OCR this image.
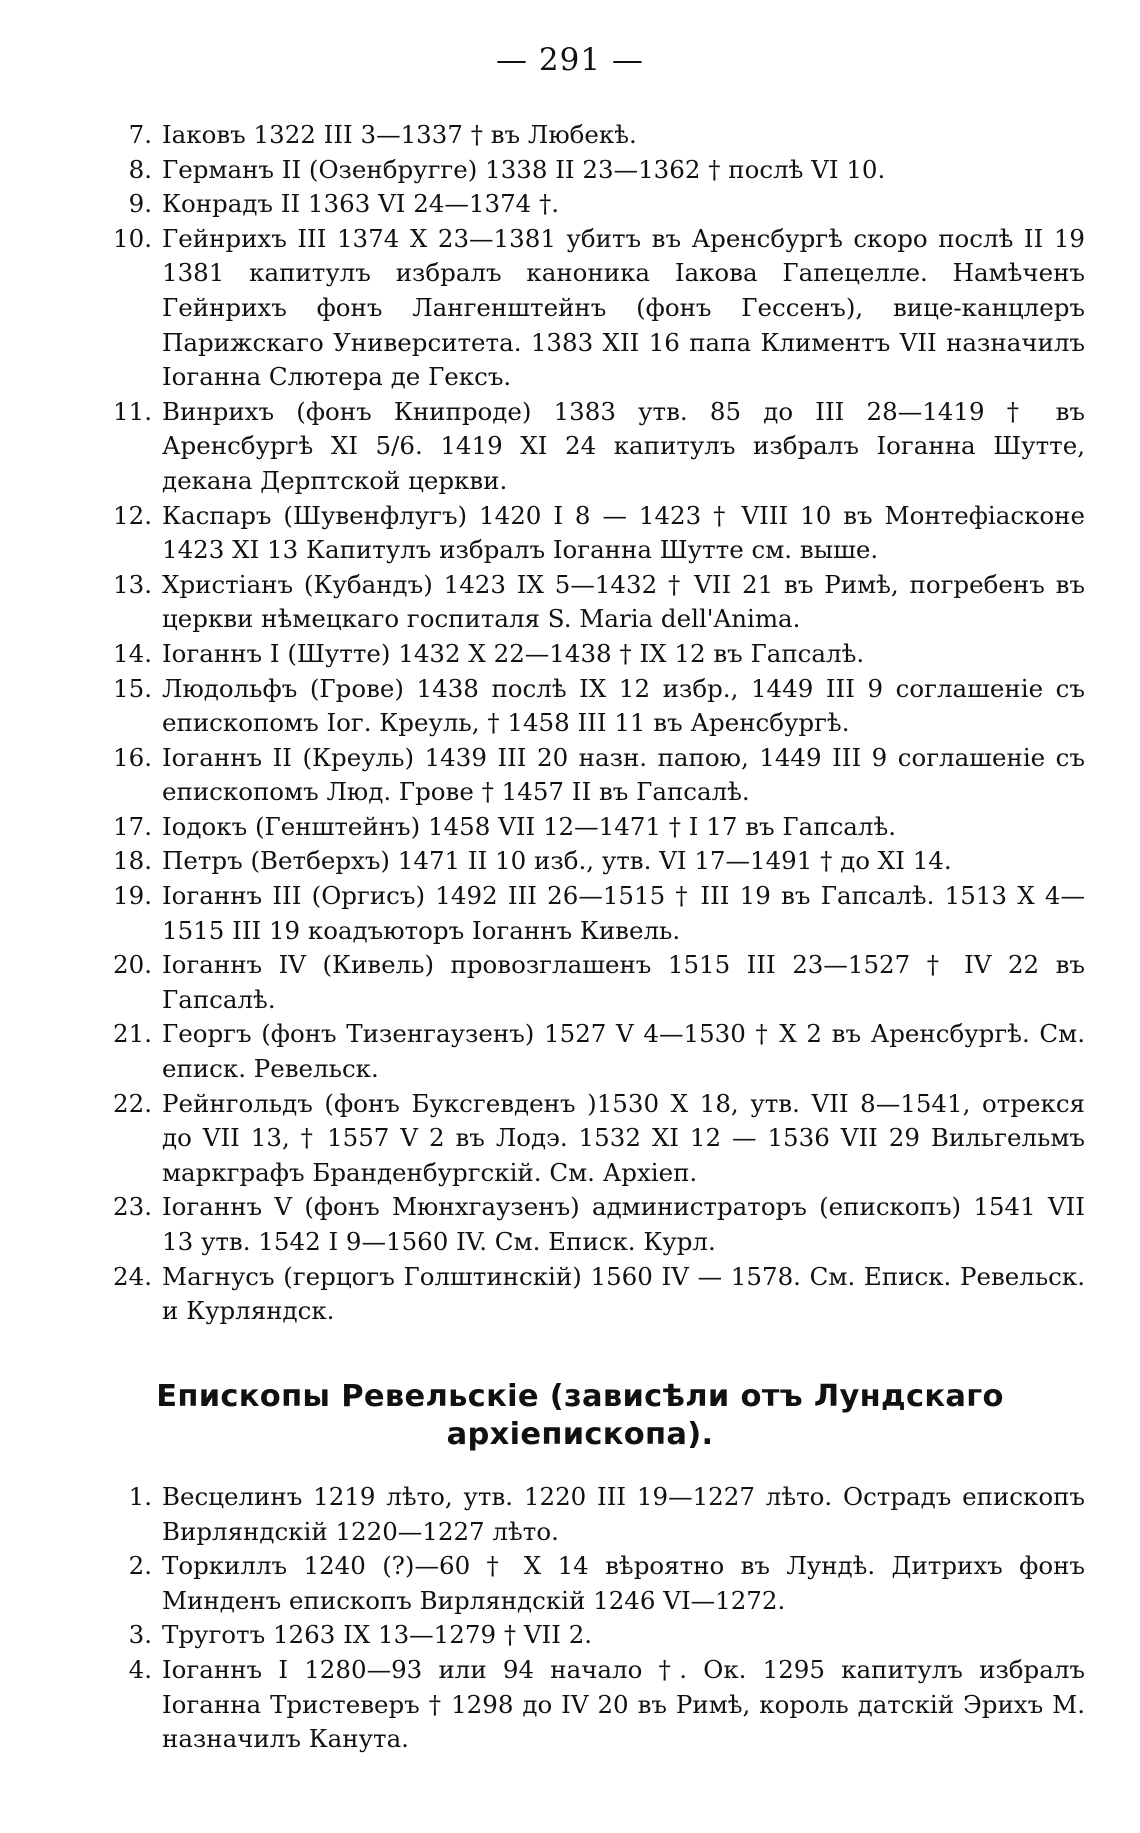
— 291 —
7. Іаковъ 1322 III 3—1337 † въ Любекѣ.
8. Германъ II (Озенбругге) 1338 II 23—1362 † послѣ VI 10.
9. Конрадъ II 1363 VI 24—1374 †.
10. Гейнрихъ III 1374 X 23—1381 убитъ въ Аренсбургѣ скоро послѣ II 19 1381 капитулъ избралъ каноника Іакова Гапецелле. Намѣченъ Гейнрихъ фонъ Лангенштейнъ (фонъ Гессенъ), вице-канцлеръ Парижскаго Университета. 1383 XII 16 папа Климентъ VII назначилъ Іоганна Слютера де Гексъ.
11. Винрихъ (фонъ Книпроде) 1383 утв. 85 до III 28—1419 † въ Аренсбургѣ XI 5/6. 1419 XI 24 капитулъ избралъ Іоганна Шутте, декана Дерптской церкви.
12. Каспаръ (Шувенфлугъ) 1420 I 8 — 1423 † VIII 10 въ Монтефіасконе 1423 XI 13 Капитулъ избралъ Іоганна Шутте см. выше.
13. Христіанъ (Кубандъ) 1423 IX 5—1432 † VII 21 въ Римѣ, погребенъ въ церкви нѣмецкаго госпиталя S. Maria dell'Anima.
14. Іоганнъ I (Шутте) 1432 X 22—1438 † IX 12 въ Гапсалѣ.
15. Людольфъ (Грове) 1438 послѣ IX 12 избр., 1449 III 9 соглашеніе съ епископомъ Іог. Креуль, † 1458 III 11 въ Аренсбургѣ.
16. Іоганнъ II (Креуль) 1439 III 20 назн. папою, 1449 III 9 соглашеніе съ епископомъ Люд. Грове † 1457 II въ Гапсалѣ.
17. Іодокъ (Генштейнъ) 1458 VII 12—1471 † I 17 въ Гапсалѣ.
18. Петръ (Ветберхъ) 1471 II 10 изб., утв. VI 17—1491 † до XI 14.
19. Іоганнъ III (Оргисъ) 1492 III 26—1515 † III 19 въ Гапсалѣ. 1513 X 4—1515 III 19 коадъюторъ Іоганнъ Кивель.
20. Іоганнъ IV (Кивель) провозглашенъ 1515 III 23—1527 † IV 22 въ Гапсалѣ.
21. Георгъ (фонъ Тизенгаузенъ) 1527 V 4—1530 † X 2 въ Аренсбургѣ. См. еписк. Ревельск.
22. Рейнгольдъ (фонъ Буксгевденъ )1530 X 18, утв. VII 8—1541, отрекся до VII 13, † 1557 V 2 въ Лодэ. 1532 XI 12 — 1536 VII 29 Вильгельмъ маркграфъ Бранденбургскій. См. Архіеп.
23. Іоганнъ V (фонъ Мюнхгаузенъ) администраторъ (епископъ) 1541 VII 13 утв. 1542 I 9—1560 IV. См. Еписк. Курл.
24. Магнусъ (герцогъ Голштинскій) 1560 IV — 1578. См. Еписк. Ревельск. и Курляндск.
Епископы Ревельскіе (зависѣли отъ Лундскаго
архіепископа).
1. Весцелинъ 1219 лѣто, утв. 1220 III 19—1227 лѣто. Острадъ епископъ Вирляндскій 1220—1227 лѣто.
2. Торкиллъ 1240 (?)—60 † X 14 вѣроятно въ Лундѣ. Дитрихъ фонъ Минденъ епископъ Вирляндскій 1246 VI—1272.
3. Труготъ 1263 IX 13—1279 † VII 2.
4. Іоганнъ I 1280—93 или 94 начало †. Ок. 1295 капитулъ избралъ Іоганна Тристеверъ † 1298 до IV 20 въ Римѣ, король датскій Эрихъ М. назначилъ Канута.
